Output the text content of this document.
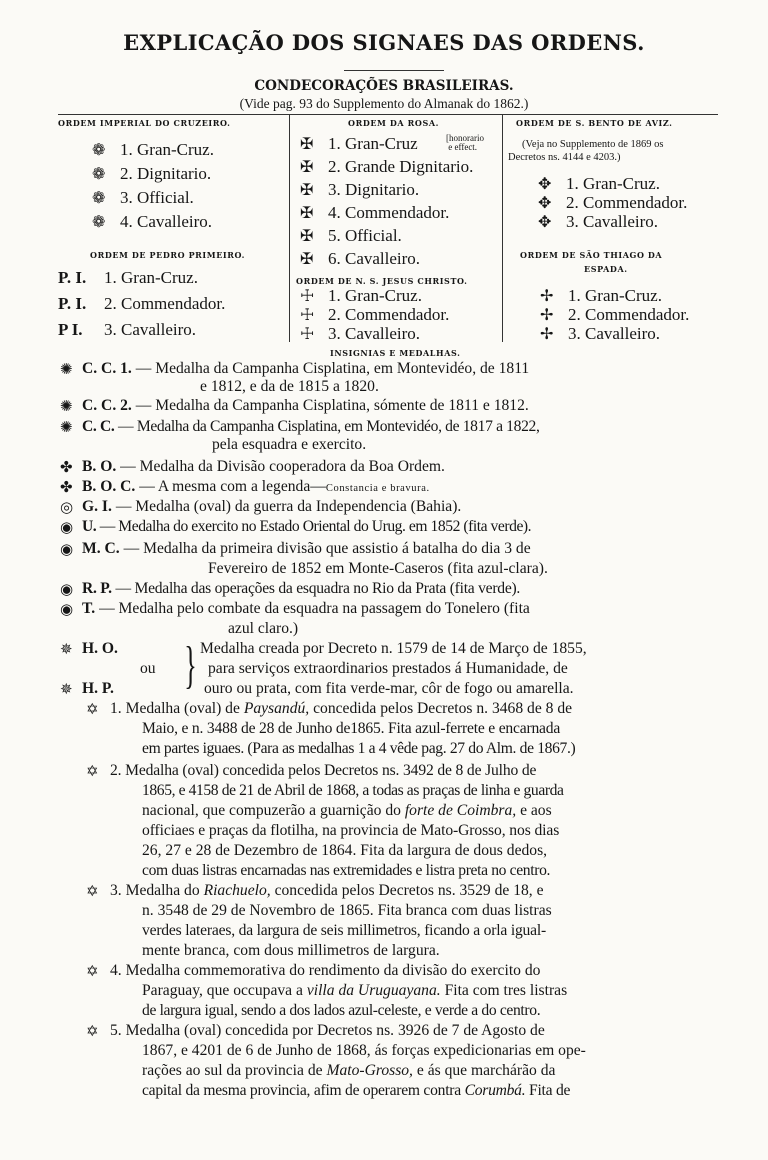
EXPLICAÇÃO DOS SIGNAES DAS ORDENS.
CONDECORAÇÕES BRASILEIRAS.
(Vide pag. 93 do Supplemento do Almanak do 1862.)
ORDEM IMPERIAL DO CRUZEIRO.
❁ 1. Gran-Cruz.
❁ 2. Dignitario.
❁ 3. Official.
❁ 4. Cavalleiro.
ORDEM DE PEDRO PRIMEIRO.
P. I. 1. Gran-Cruz.
P. I. 2. Commendador.
P I. 3. Cavalleiro.
ORDEM DA ROSA.
✠ 1. Gran-Cruz	[honorario
e effect.
✠ 2. Grande Dignitario.
✠ 3. Dignitario.
✠ 4. Commendador.
✠ 5. Official.
✠ 6. Cavalleiro.
ORDEM DE N. S. JESUS CHRISTO.
☩ 1. Gran-Cruz.
☩ 2. Commendador.
☩ 3. Cavalleiro.
ORDEM DE S. BENTO DE AVIZ.
(Veja no Supplemento de 1869 os
Decretos ns. 4144 e 4203.)
✥ 1. Gran-Cruz.
✥ 2. Commendador.
✥ 3. Cavalleiro.
ORDEM DE SÃO THIAGO DA
ESPADA.
✢ 1. Gran-Cruz.
✢ 2. Commendador.
✢ 3. Cavalleiro.
INSIGNIAS E MEDALHAS.
✺ C. C. 1. — Medalha da Campanha Cisplatina, em Montevidéo, de 1811
e 1812, e da de 1815 a 1820.
✺ C. C. 2. — Medalha da Campanha Cisplatina, sómente de 1811 e 1812.
✺ C. C. — Medalha da Campanha Cisplatina, em Montevidéo, de 1817 a 1822,
pela esquadra e exercito.
✤ B. O. — Medalha da Divisão cooperadora da Boa Ordem.
✤ B. O. C. — A mesma com a legenda—Constancia e bravura.
◎ G. I. — Medalha (oval) da guerra da Independencia (Bahia).
◉ U. — Medalha do exercito no Estado Oriental do Urug. em 1852 (fita verde).
◉ M. C. — Medalha da primeira divisão que assistio á batalha do dia 3 de
Fevereiro de 1852 em Monte-Caseros (fita azul-clara).
◉ R. P. — Medalha das operações da esquadra no Rio da Prata (fita verde).
◉ T. — Medalha pelo combate da esquadra na passagem do Tonelero (fita
azul claro.)
✵ H. O.	Medalha creada por Decreto n. 1579 de 14 de Março de 1855,
ou	para serviços extraordinarios prestados á Humanidade, de
✵ H. P.	ouro ou prata, com fita verde-mar, côr de fogo ou amarella.
}
✡ 1. Medalha (oval) de Paysandú, concedida pelos Decretos n. 3468 de 8 de
Maio, e n. 3488 de 28 de Junho de1865. Fita azul-ferrete e encarnada
em partes iguaes. (Para as medalhas 1 a 4 vêde pag. 27 do Alm. de 1867.)
✡ 2. Medalha (oval) concedida pelos Decretos ns. 3492 de 8 de Julho de
1865, e 4158 de 21 de Abril de 1868, a todas as praças de linha e guarda
nacional, que compuzerão a guarnição do forte de Coimbra, e aos
officiaes e praças da flotilha, na provincia de Mato-Grosso, nos dias
26, 27 e 28 de Dezembro de 1864. Fita da largura de dous dedos,
com duas listras encarnadas nas extremidades e listra preta no centro.
✡ 3. Medalha do Riachuelo, concedida pelos Decretos ns. 3529 de 18, e
n. 3548 de 29 de Novembro de 1865. Fita branca com duas listras
verdes lateraes, da largura de seis millimetros, ficando a orla igual-
mente branca, com dous millimetros de largura.
✡ 4. Medalha commemorativa do rendimento da divisão do exercito do
Paraguay, que occupava a villa da Uruguayana. Fita com tres listras
de largura igual, sendo a dos lados azul-celeste, e verde a do centro.
✡ 5. Medalha (oval) concedida por Decretos ns. 3926 de 7 de Agosto de
1867, e 4201 de 6 de Junho de 1868, ás forças expedicionarias em ope-
rações ao sul da provincia de Mato-Grosso, e ás que marchárão da
capital da mesma provincia, afim de operarem contra Corumbá. Fita de
